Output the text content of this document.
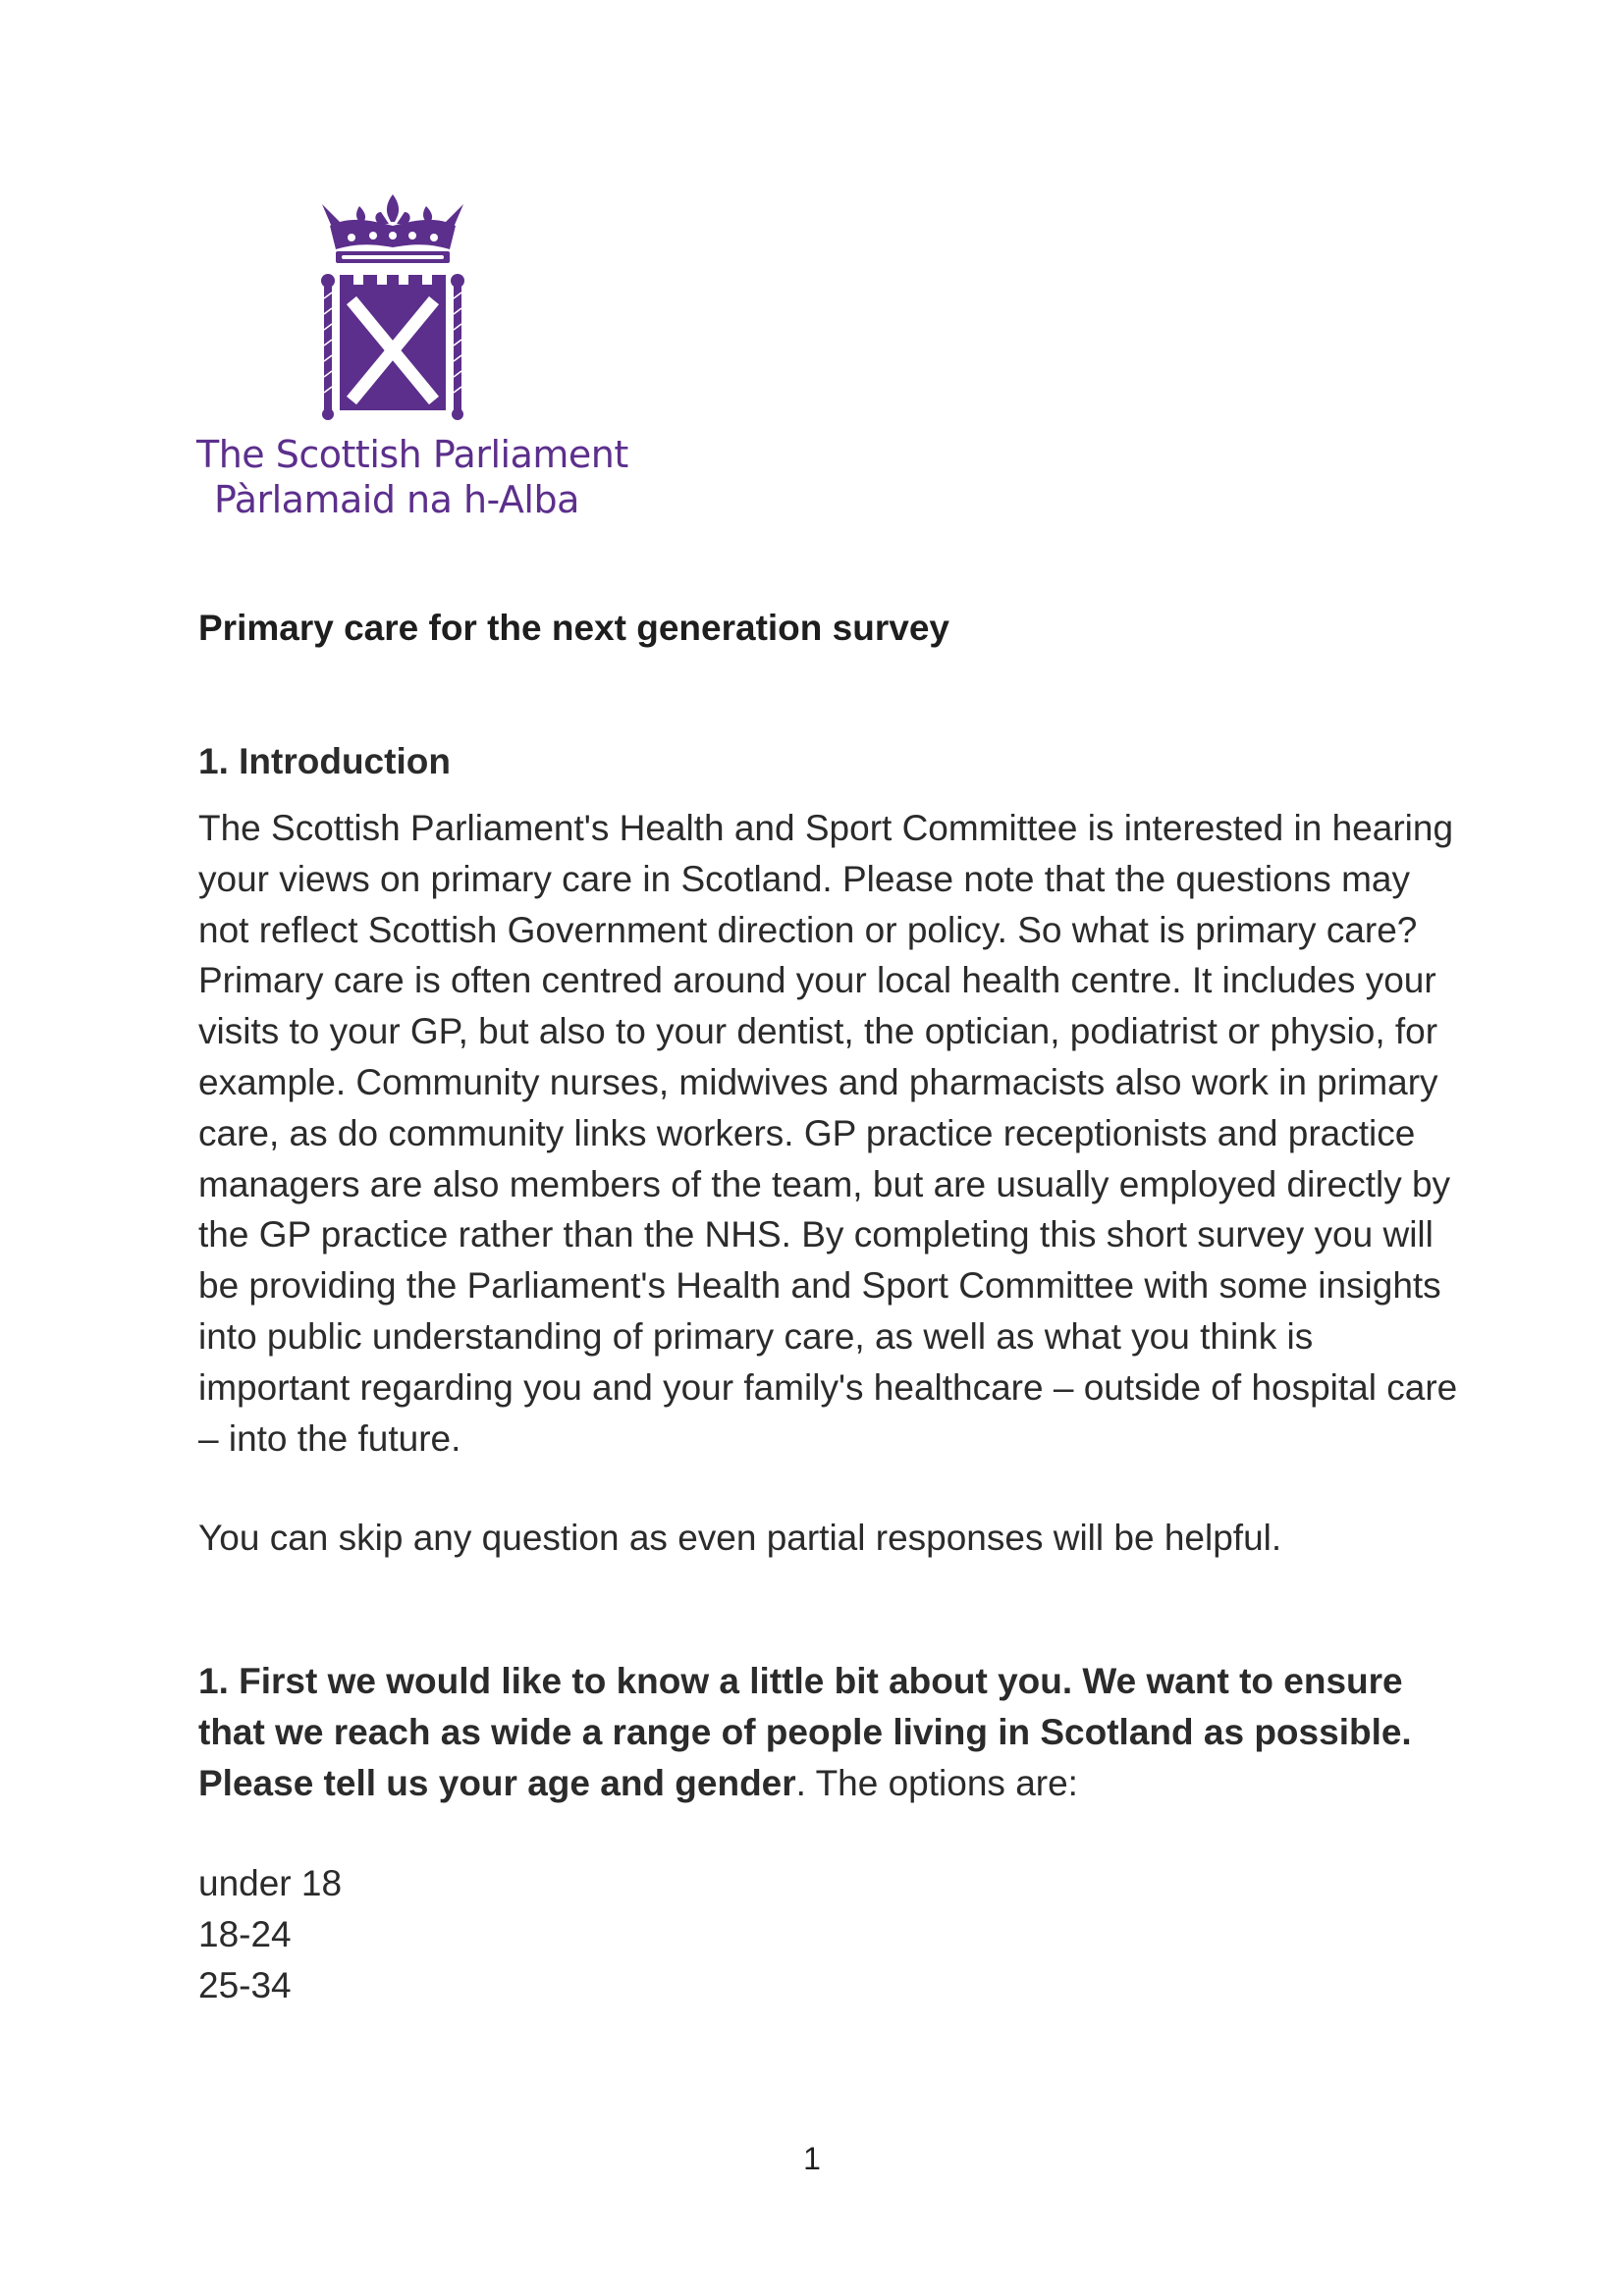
The Scottish Parliament
Pàrlamaid na h-Alba
Primary care for the next generation survey
1. Introduction

The Scottish Parliament's Health and Sport Committee is interested in hearing your views on primary care in Scotland. Please note that the questions may not reflect Scottish Government direction or policy. So what is primary care? Primary care is often centred around your local health centre. It includes your visits to your GP, but also to your dentist, the optician, podiatrist or physio, for example. Community nurses, midwives and pharmacists also work in primary care, as do community links workers. GP practice receptionists and practice managers are also members of the team, but are usually employed directly by the GP practice rather than the NHS. By completing this short survey you will be providing the Parliament's Health and Sport Committee with some insights into public understanding of primary care, as well as what you think is important regarding you and your family's healthcare – outside of hospital care – into the future.

You can skip any question as even partial responses will be helpful.

1. First we would like to know a little bit about you. We want to ensure that we reach as wide a range of people living in Scotland as possible. Please tell us your age and gender. The options are:

under 18
18-24
25-34
1
